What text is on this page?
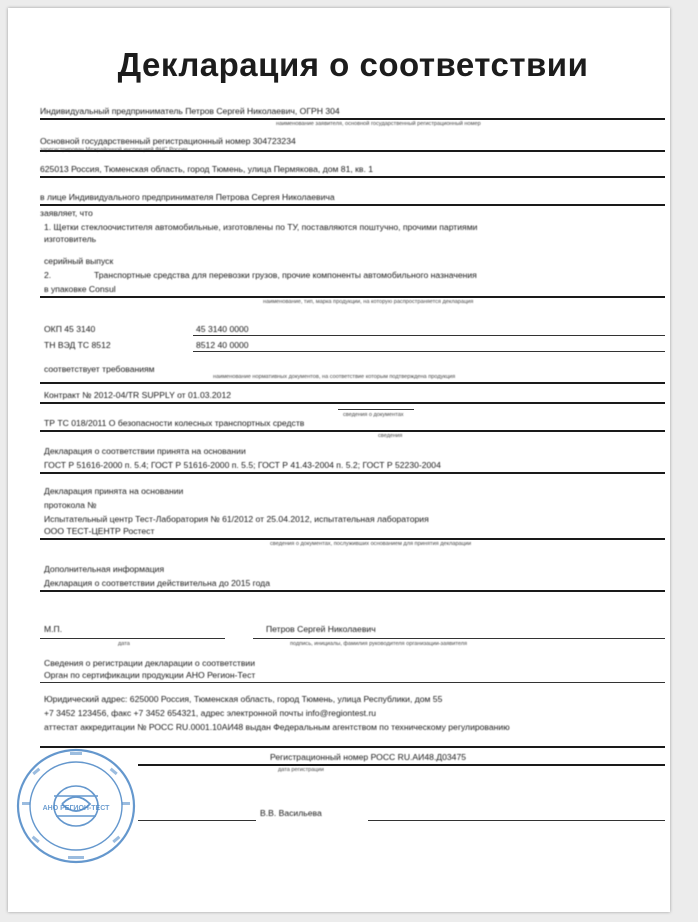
Декларация о соответствии
Индивидуальный предприниматель Петров Сергей Николаевич, ОГРН 304
наименование заявителя, основной государственный регистрационный номер
Основной государственный регистрационный номер 304723234
625013 Россия, Тюменская область, город Тюмень, улица Пермякова, дом 81, кв. 1
в лице Индивидуального предпринимателя Петрова Сергея Николаевича
заявляет, что
1. Щетки стеклоочистителя автомобильные, изготовлены по ТУ, поставляются поштучно, прочими партиями
изготовитель
серийный выпуск
2.	Транспортные средства для перевозки грузов, прочие компоненты автомобильного назначения
в упаковке Consul
наименование, тип, марка продукции, на которую распространяется декларация
ОКП 45 3140	45 3140 0000
ТН ВЭД ТС 8512	8512 40 0000
соответствует требованиям
наименование нормативных документов, на соответствие которым подтверждена продукция
Контракт № 2012-04/TR SUPPLY от 01.03.2012
сведения о документах
ТР ТС 018/2011 О безопасности колесных транспортных средств
сведения
Декларация о соответствии принята на основании
ГОСТ Р 51616-2000 п. 5.4; ГОСТ Р 51616-2000 п. 5.5; ГОСТ Р 41.43-2004 п. 5.2; ГОСТ Р 52230-2004
Декларация принята на основании
протокола №
Испытательный центр Тест-Лаборатория № 61/2012 от 25.04.2012, испытательная лаборатория
ООО ТЕСТ-ЦЕНТР Ростест
сведения о документах, послуживших основанием для принятия декларации
Дополнительная информация
Декларация о соответствии действительна до 2015 года
М.П.	Петров Сергей Николаевич
дата	подпись, инициалы, фамилия руководителя организации-заявителя
Сведения о регистрации декларации о соответствии
Орган по сертификации продукции АНО Регион-Тест
Юридический адрес: 625000 Россия, Тюменская область, город Тюмень, улица Республики, дом 55
+7 3452 123456, факс +7 3452 654321, адрес электронной почты info@regiontest.ru
аттестат аккредитации № РОСС RU.0001.10АИ48 выдан Федеральным агентством по техническому регулированию
Регистрационный номер РОСС RU.АИ48.Д03475
дата регистрации
В.В. Васильева
АНО РЕГИОН-ТЕСТ
